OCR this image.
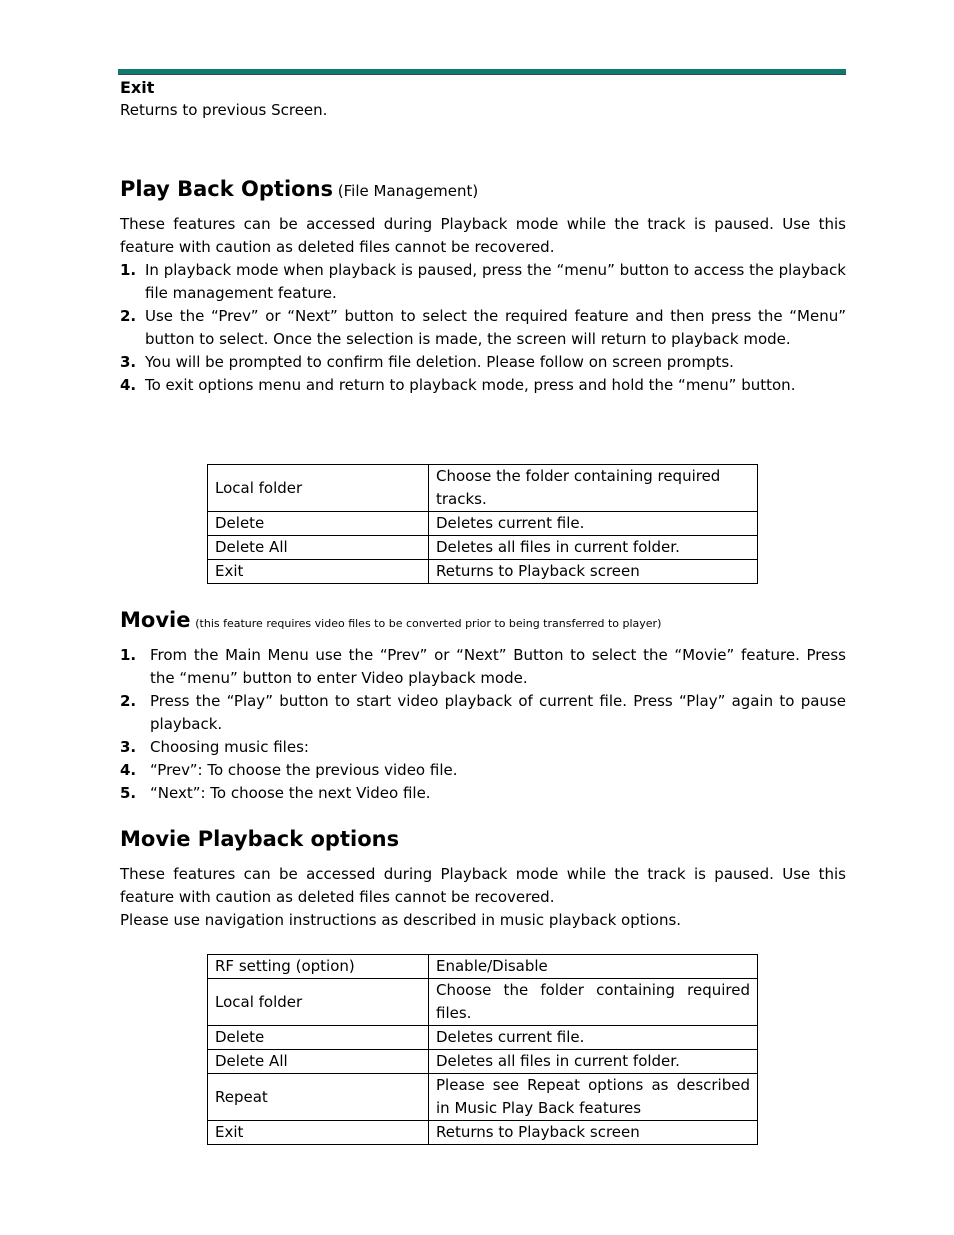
Exit
Returns to previous Screen.
Play Back Options (File Management)
These features can be accessed during Playback mode while the track is paused. Use this feature with caution as deleted files cannot be recovered.
1. In playback mode when playback is paused, press the “menu” button to access the playback file management feature.
2. Use the “Prev” or “Next” button to select the required feature and then press the “Menu” button to select. Once the selection is made, the screen will return to playback mode.
3. You will be prompted to confirm file deletion. Please follow on screen prompts.
4. To exit options menu and return to playback mode, press and hold the “menu” button.
Local folder	Choose the folder containing required tracks.
Delete	Deletes current file.
Delete All	Deletes all files in current folder.
Exit	Returns to Playback screen
Movie (this feature requires video files to be converted prior to being transferred to player)
1. From the Main Menu use the “Prev” or “Next” Button to select the “Movie” feature. Press the “menu” button to enter Video playback mode.
2. Press the “Play” button to start video playback of current file. Press “Play” again to pause playback.
3. Choosing music files:
4. “Prev”: To choose the previous video file.
5. “Next”: To choose the next Video file.
Movie Playback options
These features can be accessed during Playback mode while the track is paused. Use this feature with caution as deleted files cannot be recovered.
Please use navigation instructions as described in music playback options.
RF setting (option)	Enable/Disable
Local folder	Choose the folder containing required files.
Delete	Deletes current file.
Delete All	Deletes all files in current folder.
Repeat	Please see Repeat options as described in Music Play Back features
Exit	Returns to Playback screen
